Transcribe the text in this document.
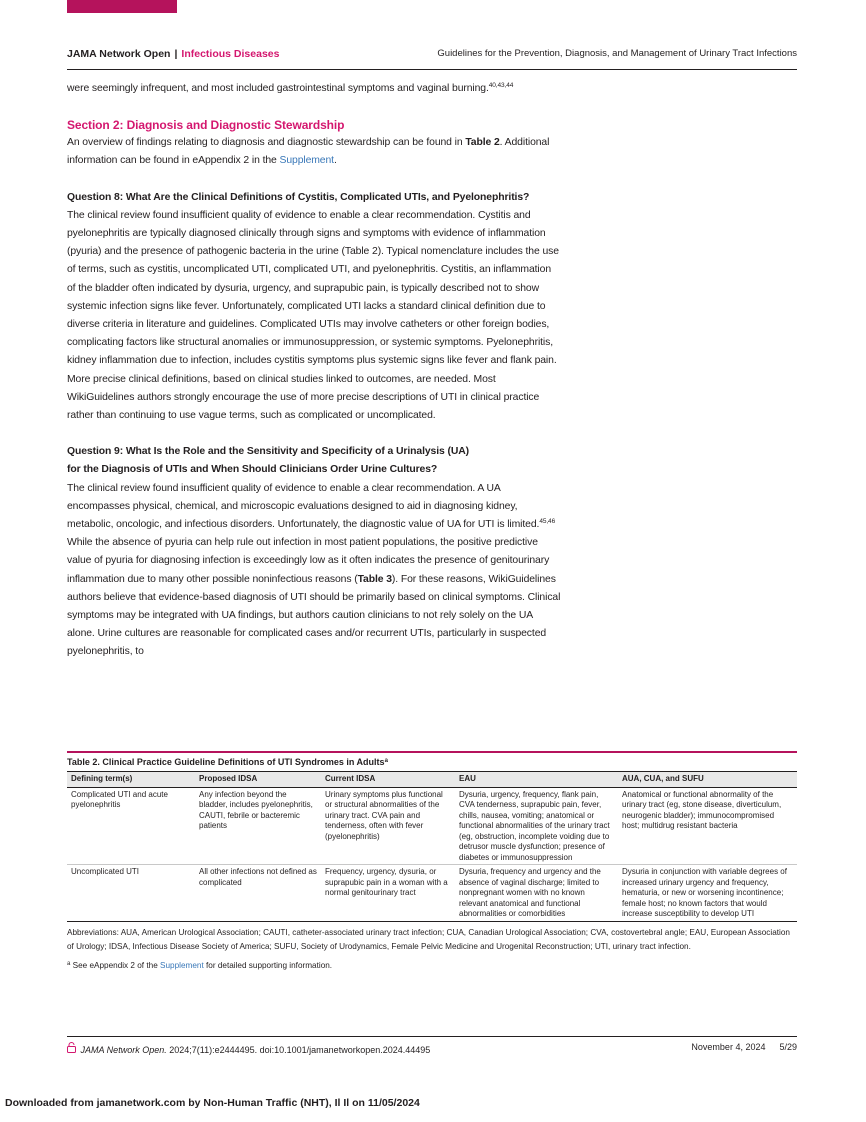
JAMA Network Open | Infectious Diseases	Guidelines for the Prevention, Diagnosis, and Management of Urinary Tract Infections

were seemingly infrequent, and most included gastrointestinal symptoms and vaginal burning.$^{40,43,44}$

Section 2: Diagnosis and Diagnostic Stewardship

An overview of findings relating to diagnosis and diagnostic stewardship can be found in Table 2. Additional information can be found in eAppendix 2 in the Supplement.

Question 8: What Are the Clinical Definitions of Cystitis, Complicated UTIs, and Pyelonephritis?

The clinical review found insufficient quality of evidence to enable a clear recommendation. Cystitis and pyelonephritis are typically diagnosed clinically through signs and symptoms with evidence of inflammation (pyuria) and the presence of pathogenic bacteria in the urine (Table 2). Typical nomenclature includes the use of terms, such as cystitis, uncomplicated UTI, complicated UTI, and pyelonephritis. Cystitis, an inflammation of the bladder often indicated by dysuria, urgency, and suprapubic pain, is typically described not to show systemic infection signs like fever. Unfortunately, complicated UTI lacks a standard clinical definition due to diverse criteria in literature and guidelines. Complicated UTIs may involve catheters or other foreign bodies, complicating factors like structural anomalies or immunosuppression, or systemic symptoms. Pyelonephritis, kidney inflammation due to infection, includes cystitis symptoms plus systemic signs like fever and flank pain. More precise clinical definitions, based on clinical studies linked to outcomes, are needed. Most WikiGuidelines authors strongly encourage the use of more precise descriptions of UTI in clinical practice rather than continuing to use vague terms, such as complicated or uncomplicated.

Question 9: What Is the Role and the Sensitivity and Specificity of a Urinalysis (UA)

for the Diagnosis of UTIs and When Should Clinicians Order Urine Cultures?

The clinical review found insufficient quality of evidence to enable a clear recommendation. A UA encompasses physical, chemical, and microscopic evaluations designed to aid in diagnosing kidney, metabolic, oncologic, and infectious disorders. Unfortunately, the diagnostic value of UA for UTI is limited.$^{45,46}$ While the absence of pyuria can help rule out infection in most patient populations, the positive predictive value of pyuria for diagnosing infection is exceedingly low as it often indicates the presence of genitourinary inflammation due to many other possible noninfectious reasons (Table 3). For these reasons, WikiGuidelines authors believe that evidence-based diagnosis of UTI should be primarily based on clinical symptoms. Clinical symptoms may be integrated with UA findings, but authors caution clinicians to not rely solely on the UA alone. Urine cultures are reasonable for complicated cases and/or recurrent UTIs, particularly in suspected pyelonephritis, to

Table 2. Clinical Practice Guideline Definitions of UTI Syndromes in Adults$^a$
Defining term(s)	Proposed IDSA	Current IDSA	EAU	AUA, CUA, and SUFU
Complicated UTI and acute pyelonephritis	Any infection beyond the bladder, includes pyelonephritis, CAUTI, febrile or bacteremic patients	Urinary symptoms plus functional or structural abnormalities of the urinary tract. CVA pain and tenderness, often with fever (pyelonephritis)	Dysuria, urgency, frequency, flank pain, CVA tenderness, suprapubic pain, fever, chills, nausea, vomiting; anatomical or functional abnormalities of the urinary tract (eg, obstruction, incomplete voiding due to detrusor muscle dysfunction; presence of diabetes or immunosuppression	Anatomical or functional abnormality of the urinary tract (eg, stone disease, diverticulum, neurogenic bladder); immunocompromised host; multidrug resistant bacteria
Uncomplicated UTI	All other infections not defined as complicated	Frequency, urgency, dysuria, or suprapubic pain in a woman with a normal genitourinary tract	Dysuria, frequency and urgency and the absence of vaginal discharge; limited to nonpregnant women with no known relevant anatomical and functional abnormalities or comorbidities	Dysuria in conjunction with variable degrees of increased urinary urgency and frequency, hematuria, or new or worsening incontinence; female host; no known factors that would increase susceptibility to develop UTI
Abbreviations: AUA, American Urological Association; CAUTI, catheter-associated urinary tract infection; CUA, Canadian Urological Association; CVA, costovertebral angle; EAU, European Association of Urology; IDSA, Infectious Disease Society of America; SUFU, Society of Urodynamics, Female Pelvic Medicine and Urogenital Reconstruction; UTI, urinary tract infection.
$^a$ See eAppendix 2 of the Supplement for detailed supporting information.
JAMA Network Open. 2024;7(11):e2444495. doi:10.1001/jamanetworkopen.2024.44495	November 4, 2024 5/29
Downloaded from jamanetwork.com by Non-Human Traffic (NHT), Il Il on 11/05/2024
